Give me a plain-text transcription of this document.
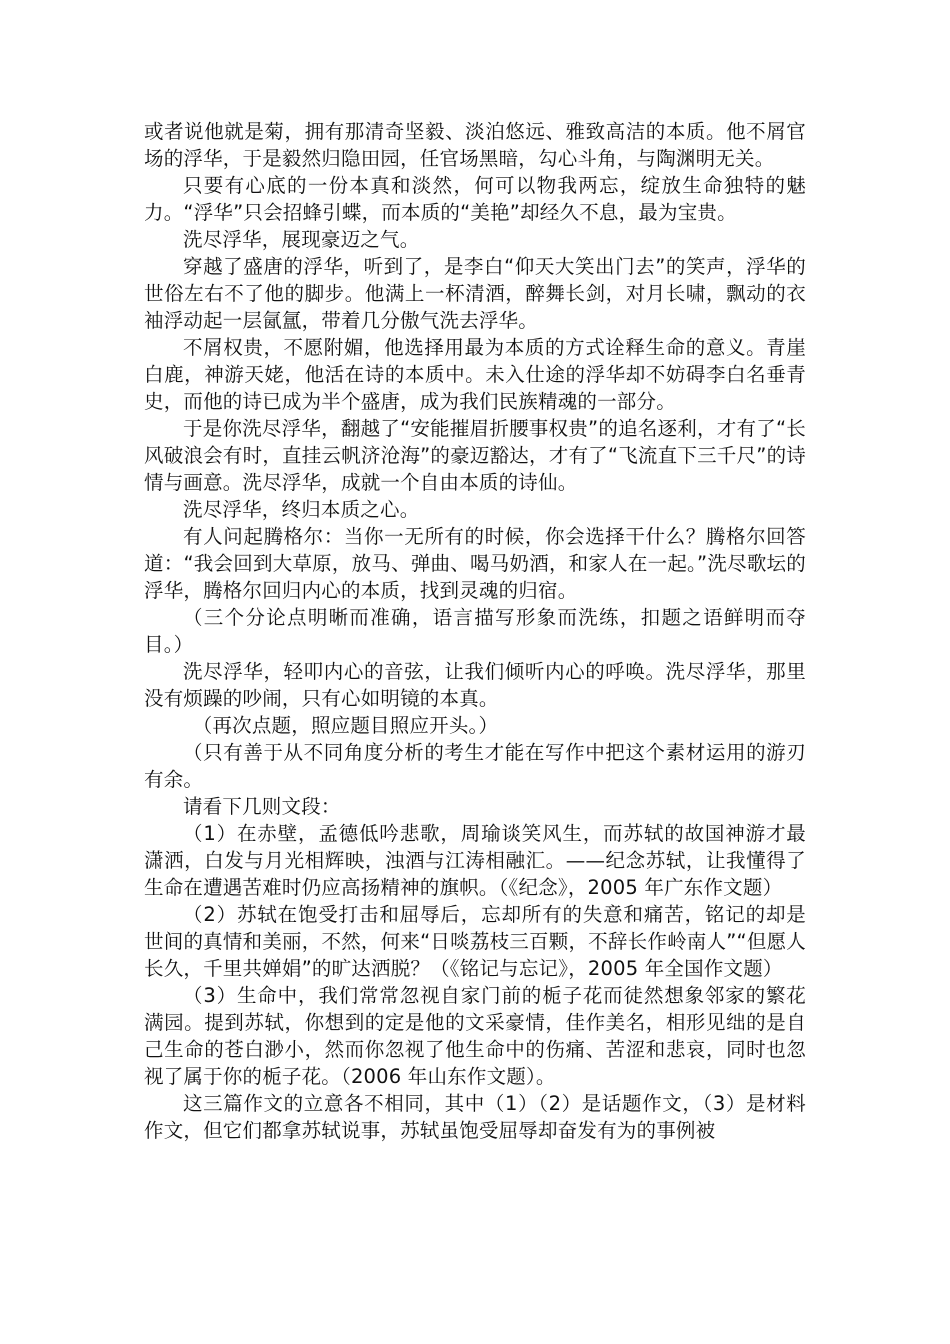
或者说他就是菊，拥有那清奇坚毅、淡泊悠远、雅致高洁的本质。他不屑官场的浮华，于是毅然归隐田园，任官场黑暗，勾心斗角，与陶渊明无关。

只要有心底的一份本真和淡然，何可以物我两忘，绽放生命独特的魅力。“浮华”只会招蜂引蝶，而本质的“美艳”却经久不息，最为宝贵。

洗尽浮华，展现豪迈之气。

穿越了盛唐的浮华，听到了，是李白“仰天大笑出门去”的笑声，浮华的世俗左右不了他的脚步。他满上一杯清酒，醉舞长剑，对月长啸，飘动的衣袖浮动起一层氤氲，带着几分傲气洗去浮华。

不屑权贵，不愿附媚，他选择用最为本质的方式诠释生命的意义。青崖白鹿，神游天姥，他活在诗的本质中。未入仕途的浮华却不妨碍李白名垂青史，而他的诗已成为半个盛唐，成为我们民族精魂的一部分。

于是你洗尽浮华，翻越了“安能摧眉折腰事权贵”的追名逐利，才有了“长风破浪会有时，直挂云帆济沧海”的豪迈豁达，才有了“飞流直下三千尺”的诗情与画意。洗尽浮华，成就一个自由本质的诗仙。

洗尽浮华，终归本质之心。

有人问起腾格尔：当你一无所有的时候，你会选择干什么？腾格尔回答道：“我会回到大草原，放马、弹曲、喝马奶酒，和家人在一起。”洗尽歌坛的浮华，腾格尔回归内心的本质，找到灵魂的归宿。

（三个分论点明晰而准确，语言描写形象而洗练，扣题之语鲜明而夺目。）

洗尽浮华，轻叩内心的音弦，让我们倾听内心的呼唤。洗尽浮华，那里没有烦躁的吵闹，只有心如明镜的本真。

（再次点题，照应题目照应开头。）

（只有善于从不同角度分析的考生才能在写作中把这个素材运用的游刃有余。

请看下几则文段：

（1）在赤壁，孟德低吟悲歌，周瑜谈笑风生，而苏轼的故国神游才最潇洒，白发与月光相辉映，浊酒与江涛相融汇。——纪念苏轼，让我懂得了生命在遭遇苦难时仍应高扬精神的旗帜。（《纪念》，2005 年广东作文题）

（2）苏轼在饱受打击和屈辱后，忘却所有的失意和痛苦，铭记的却是世间的真情和美丽，不然，何来“日啖荔枝三百颗，不辞长作岭南人”“但愿人长久，千里共婵娟”的旷达洒脱？（《铭记与忘记》，2005 年全国作文题）

（3）生命中，我们常常忽视自家门前的栀子花而徒然想象邻家的繁花满园。提到苏轼，你想到的定是他的文采豪情，佳作美名，相形见绌的是自己生命的苍白渺小，然而你忽视了他生命中的伤痛、苦涩和悲哀，同时也忽视了属于你的栀子花。（2006 年山东作文题）。

这三篇作文的立意各不相同，其中（1）（2）是话题作文，（3）是材料作文，但它们都拿苏轼说事，苏轼虽饱受屈辱却奋发有为的事例被
